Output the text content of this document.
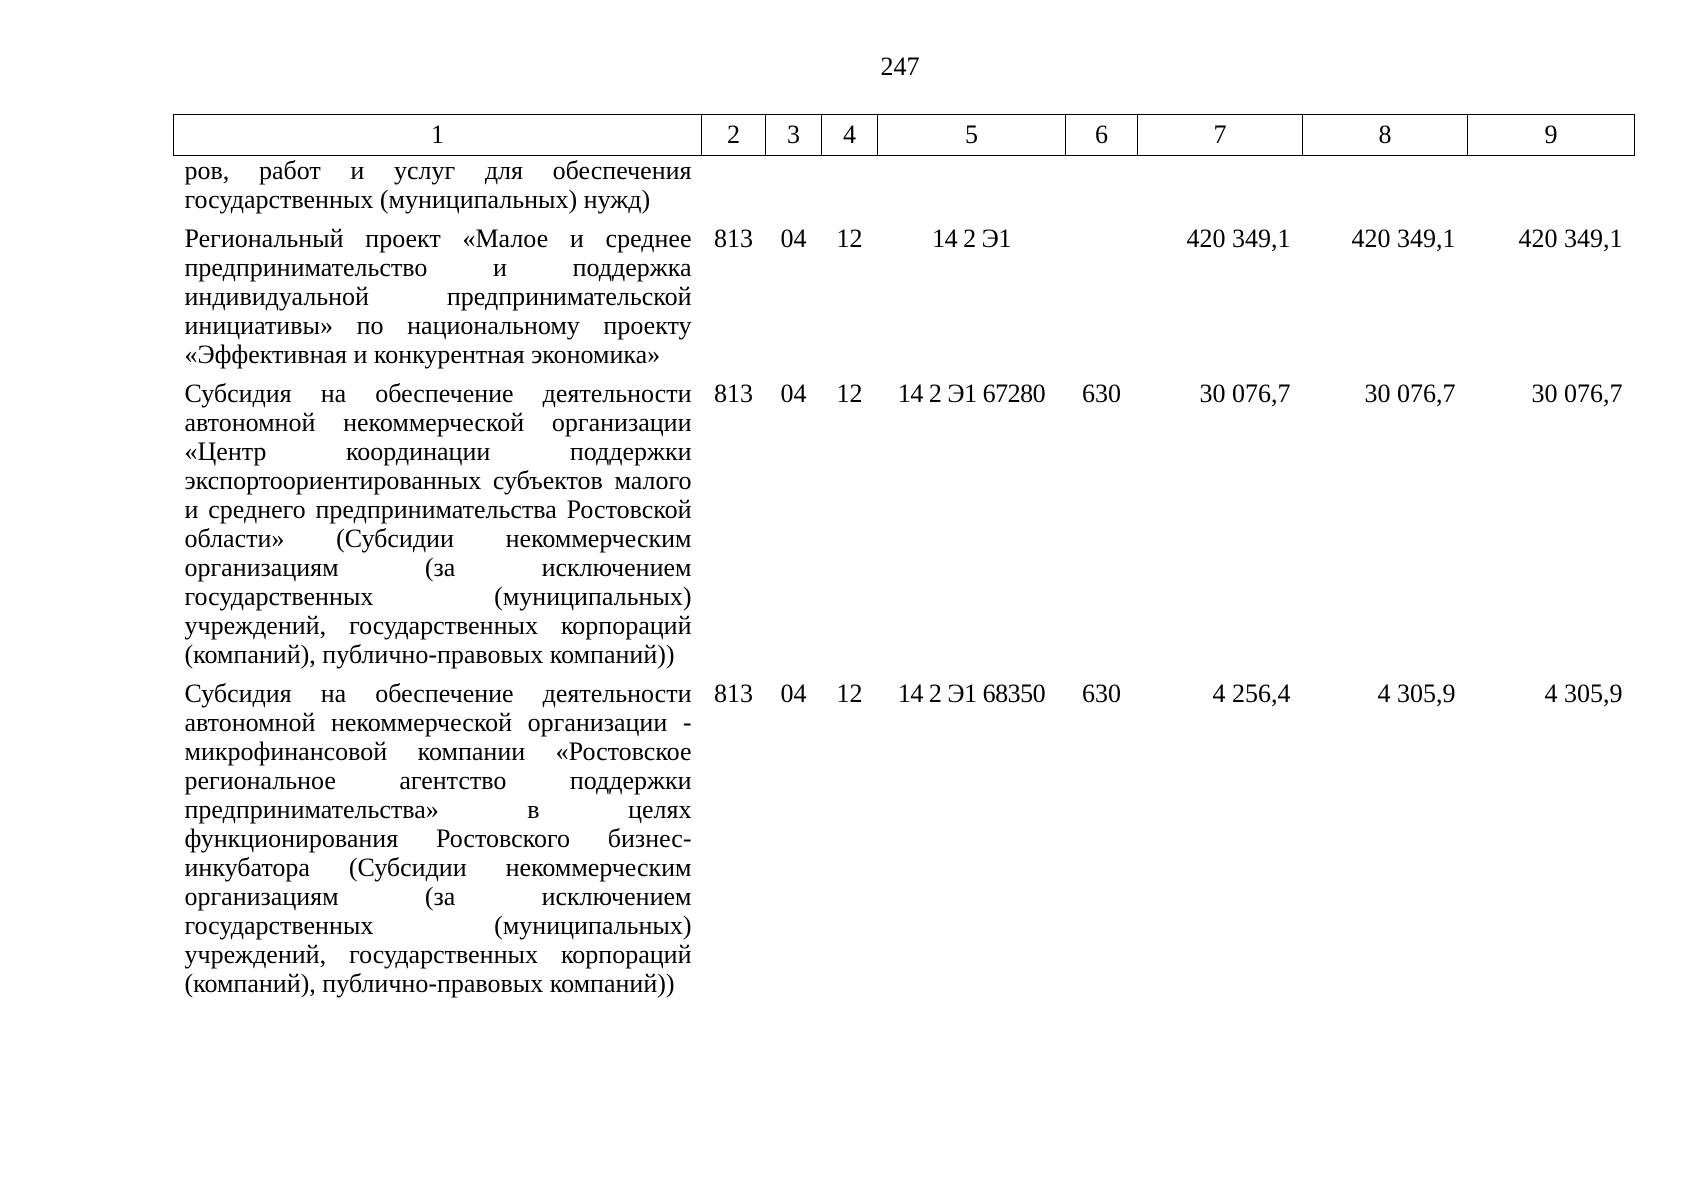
247
1	2	3	4	5	6	7	8	9
ров, работ и услуг для обеспечения государственных (муниципальных) нужд)								
Региональный проект «Малое и среднее предпринимательство и поддержка индивидуальной предпринимательской инициативы» по национальному проекту «Эффективная и конкурентная экономика»	813	04	12	14 2 Э1		420 349,1	420 349,1	420 349,1
Субсидия на обеспечение деятельности автономной некоммерческой организации «Центр координации поддержки экспортоориентированных субъектов малого и среднего предпринимательства Ростовской области» (Субсидии некоммерческим организациям (за исключением государственных (муниципальных) учреждений, государственных корпораций (компаний), публично-правовых компаний))	813	04	12	14 2 Э1 67280	630	30 076,7	30 076,7	30 076,7
Субсидия на обеспечение деятельности автономной некоммерческой организации - микрофинансовой компании «Ростовское региональное агентство поддержки предпринимательства» в целях функционирования Ростовского бизнес-инкубатора (Субсидии некоммерческим организациям (за исключением государственных (муниципальных) учреждений, государственных корпораций (компаний), публично-правовых компаний))	813	04	12	14 2 Э1 68350	630	4 256,4	4 305,9	4 305,9
